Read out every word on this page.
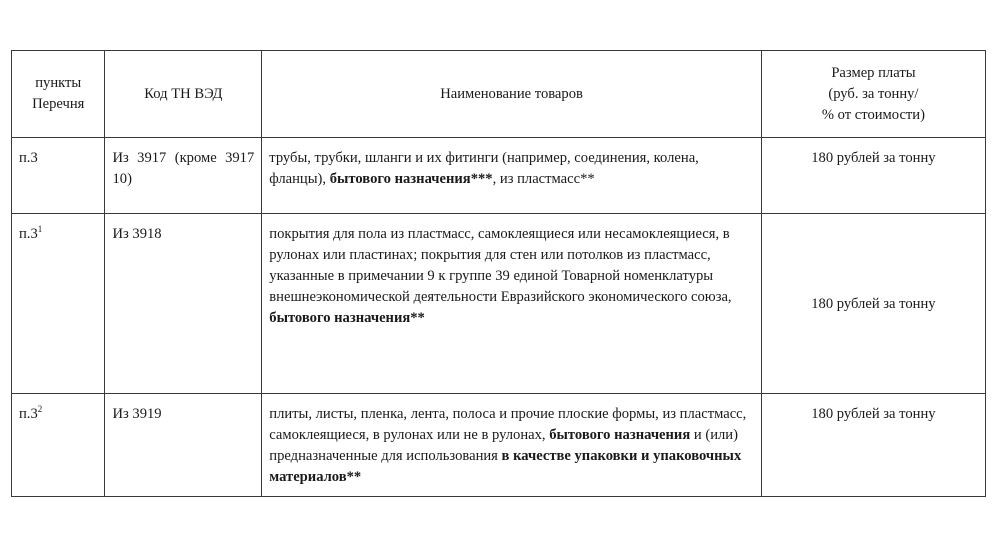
пункты
Перечня	Код ТН ВЭД	Наименование товаров	Размер платы
(руб. за тонну/
% от стоимости)
п.3	Из 3917 (кроме 3917 10)	трубы, трубки, шланги и их фитинги (например, соединения, колена, фланцы), бытового назначения***, из пластмасс**	180 рублей за тонну
$п.3^1$	Из 3918	покрытия для пола из пластмасс, самоклеящиеся или несамоклеящиеся, в рулонах или пластинах; покрытия для стен или потолков из пластмасс, указанные в примечании 9 к группе 39 единой Товарной номенклатуры внешнеэкономической деятельности Евразийского экономического союза, бытового назначения**	180 рублей за тонну
$п.3^2$	Из 3919	плиты, листы, пленка, лента, полоса и прочие плоские формы, из пластмасс, самоклеящиеся, в рулонах или не в рулонах, бытового назначения и (или) предназначенные для использования в качестве упаковки и упаковочных материалов**	180 рублей за тонну
